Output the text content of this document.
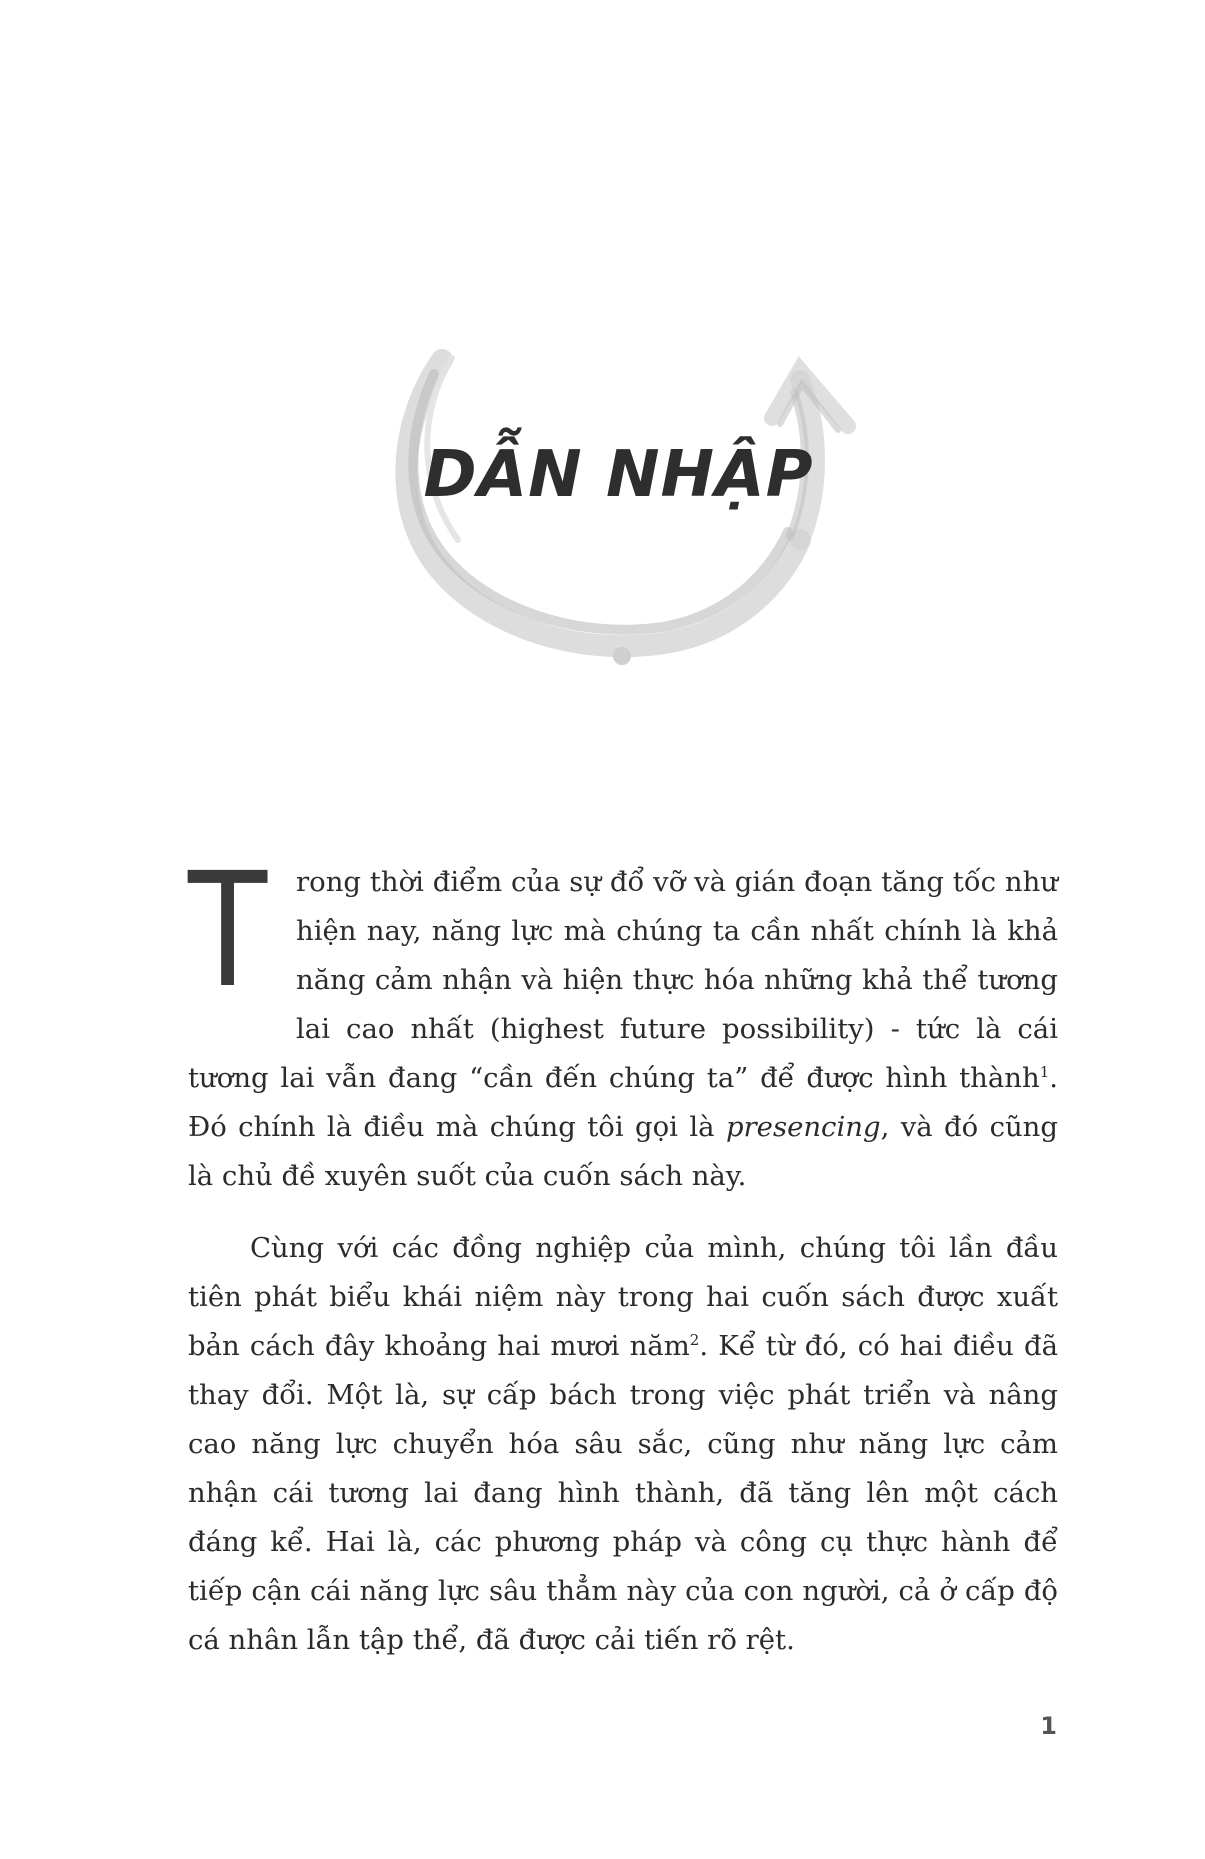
DẪN NHẬP

T rong thời điểm của sự đổ vỡ và gián đoạn tăng tốc như hiện nay, năng lực mà chúng ta cần nhất chính là khả năng cảm nhận và hiện thực hóa những khả thể tương lai cao nhất (highest future possibility) - tức là cái tương lai vẫn đang “cần đến chúng ta” để được hình thành$^1$. Đó chính là điều mà chúng tôi gọi là presencing, và đó cũng là chủ đề xuyên suốt của cuốn sách này.

Cùng với các đồng nghiệp của mình, chúng tôi lần đầu tiên phát biểu khái niệm này trong hai cuốn sách được xuất bản cách đây khoảng hai mươi năm$^2$. Kể từ đó, có hai điều đã thay đổi. Một là, sự cấp bách trong việc phát triển và nâng cao năng lực chuyển hóa sâu sắc, cũng như năng lực cảm nhận cái tương lai đang hình thành, đã tăng lên một cách đáng kể. Hai là, các phương pháp và công cụ thực hành để tiếp cận cái năng lực sâu thẳm này của con người, cả ở cấp độ cá nhân lẫn tập thể, đã được cải tiến rõ rệt.

1
